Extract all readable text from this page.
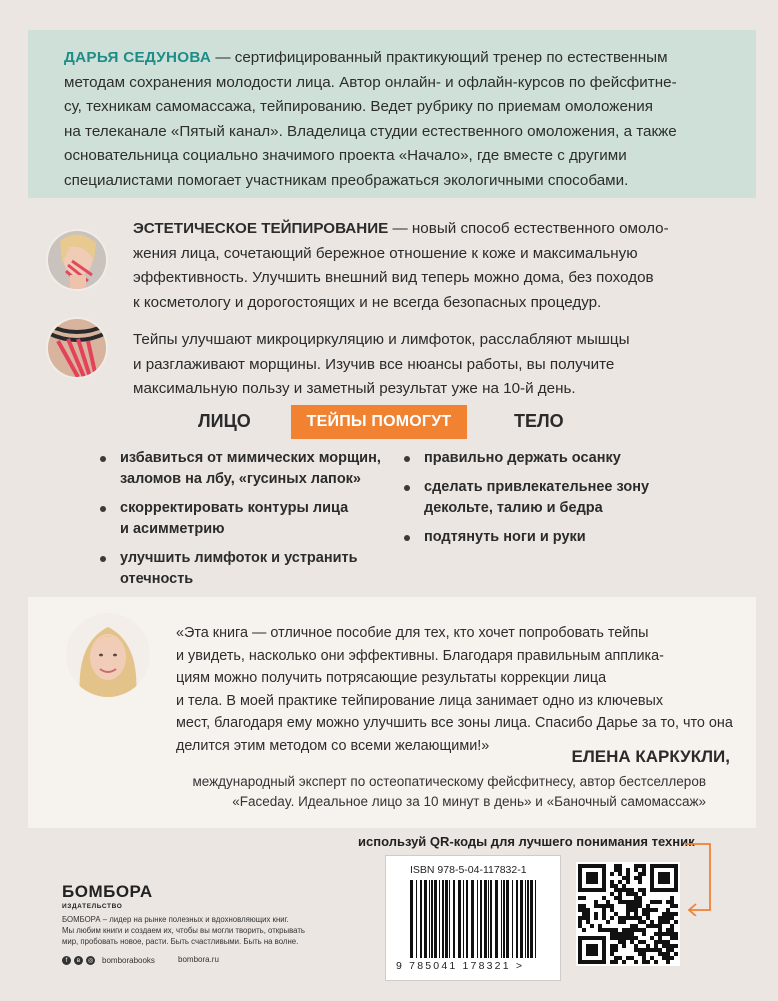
ДАРЬЯ СЕДУНОВА — сертифицированный практикующий тренер по естественным
методам сохранения молодости лица. Автор онлайн- и офлайн-курсов по фейсфитне-
су, техникам самомассажа, тейпированию. Ведет рубрику по приемам омоложения
на телеканале «Пятый канал». Владелица студии естественного омоложения, а также
основательница социально значимого проекта «Начало», где вместе с другими
специалистами помогает участникам преображаться экологичными способами.

ЭСТЕТИЧЕСКОЕ ТЕЙПИРОВАНИЕ — новый способ естественного омоло-
жения лица, сочетающий бережное отношение к коже и максимальную
эффективность. Улучшить внешний вид теперь можно дома, без походов
к косметологу и дорогостоящих и не всегда безопасных процедур.

Тейпы улучшают микроциркуляцию и лимфоток, расслабляют мышцы
и разглаживают морщины. Изучив все нюансы работы, вы получите
максимальную пользу и заметный результат уже на 10-й день.

ЛИЦО	ТЕЙПЫ ПОМОГУТ	ТЕЛО
избавиться от мимических морщин,
заломов на лбу, «гусиных лапок»
скорректировать контуры лица
и асимметрию
улучшить лимфоток и устранить
отечность
правильно держать осанку
сделать привлекательнее зону
декольте, талию и бедра
подтянуть ноги и руки
«Эта книга — отличное пособие для тех, кто хочет попробовать тейпы
и увидеть, насколько они эффективны. Благодаря правильным апплика-
циям можно получить потрясающие результаты коррекции лица
и тела. В моей практике тейпирование лица занимает одно из ключевых
мест, благодаря ему можно улучшить все зоны лица. Спасибо Дарье за то, что она
делится этим методом со всеми желающими!»
ЕЛЕНА КАРКУКЛИ,
международный эксперт по остеопатическому фейсфитнесу, автор бестселлеров
«Faceday. Идеальное лицо за 10 минут в день» и «Баночный самомассаж»
используй QR-коды для лучшего понимания техник
БОМБОРА
ИЗДАТЕЛЬСТВО
БОМБОРА – лидер на рынке полезных и вдохновляющих книг.
Мы любим книги и создаем их, чтобы вы могли творить, открывать
мир, пробовать новое, расти. Быть счастливыми. Быть на волне.
f	в	◎ bomborabooks	bombora.ru
ISBN 978-5-04-117832-1
9 785041 178321 >
